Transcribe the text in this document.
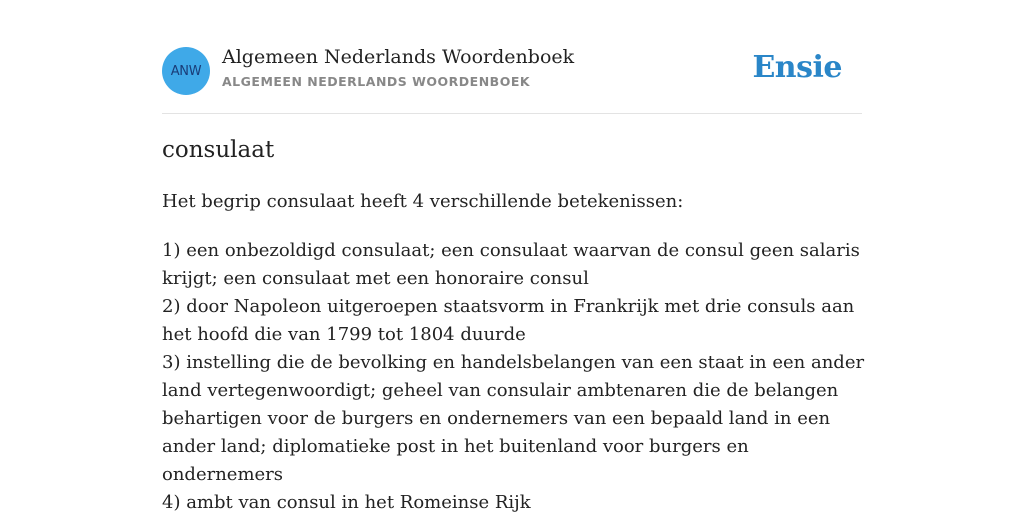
ANW
Algemeen Nederlands Woordenboek
ALGEMEEN NEDERLANDS WOORDENBOEK	Ensie
consulaat

Het begrip consulaat heeft 4 verschillende betekenissen:

1) een onbezoldigd consulaat; een consulaat waarvan de consul geen salaris krijgt; een consulaat met een honoraire consul
2) door Napoleon uitgeroepen staatsvorm in Frankrijk met drie consuls aan het hoofd die van 1799 tot 1804 duurde
3) instelling die de bevolking en handelsbelangen van een staat in een ander land vertegenwoordigt; geheel van consulair ambtenaren die de belangen behartigen voor de burgers en ondernemers van een bepaald land in een ander land; diplomatieke post in het buitenland voor burgers en ondernemers
4) ambt van consul in het Romeinse Rijk
